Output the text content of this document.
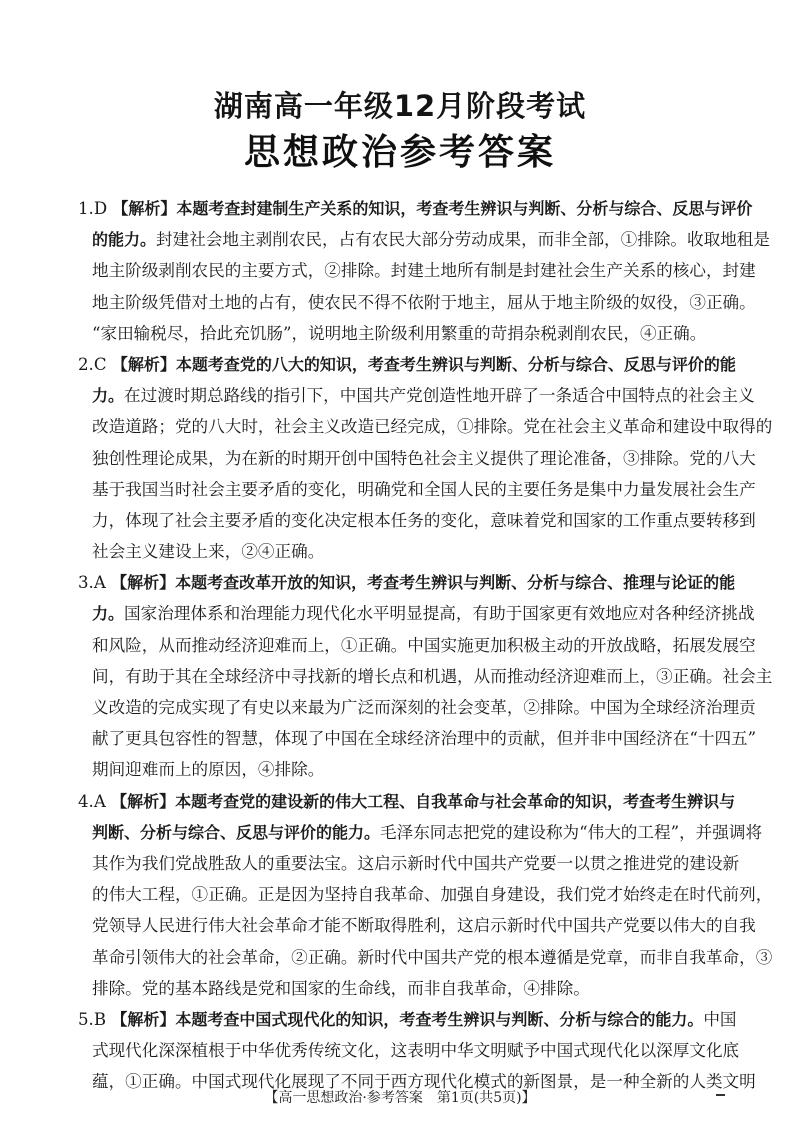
湖南高一年级12月阶段考试
思想政治参考答案
1.D 【解析】本题考查封建制生产关系的知识，考查考生辨识与判断、分析与综合、反思与评价
的能力。封建社会地主剥削农民，占有农民大部分劳动成果，而非全部，①排除。收取地租是
地主阶级剥削农民的主要方式，②排除。封建土地所有制是封建社会生产关系的核心，封建
地主阶级凭借对土地的占有，使农民不得不依附于地主，屈从于地主阶级的奴役，③正确。
“家田输税尽，拾此充饥肠”，说明地主阶级利用繁重的苛捐杂税剥削农民，④正确。
2.C 【解析】本题考查党的八大的知识，考查考生辨识与判断、分析与综合、反思与评价的能
力。在过渡时期总路线的指引下，中国共产党创造性地开辟了一条适合中国特点的社会主义
改造道路；党的八大时，社会主义改造已经完成，①排除。党在社会主义革命和建设中取得的
独创性理论成果，为在新的时期开创中国特色社会主义提供了理论准备，③排除。党的八大
基于我国当时社会主要矛盾的变化，明确党和全国人民的主要任务是集中力量发展社会生产
力，体现了社会主要矛盾的变化决定根本任务的变化，意味着党和国家的工作重点要转移到
社会主义建设上来，②④正确。
3.A 【解析】本题考查改革开放的知识，考查考生辨识与判断、分析与综合、推理与论证的能
力。国家治理体系和治理能力现代化水平明显提高，有助于国家更有效地应对各种经济挑战
和风险，从而推动经济迎难而上，①正确。中国实施更加积极主动的开放战略，拓展发展空
间，有助于其在全球经济中寻找新的增长点和机遇，从而推动经济迎难而上，③正确。社会主
义改造的完成实现了有史以来最为广泛而深刻的社会变革，②排除。中国为全球经济治理贡
献了更具包容性的智慧，体现了中国在全球经济治理中的贡献，但并非中国经济在“十四五”
期间迎难而上的原因，④排除。
4.A 【解析】本题考查党的建设新的伟大工程、自我革命与社会革命的知识，考查考生辨识与
判断、分析与综合、反思与评价的能力。毛泽东同志把党的建设称为“伟大的工程”，并强调将
其作为我们党战胜敌人的重要法宝。这启示新时代中国共产党要一以贯之推进党的建设新
的伟大工程，①正确。正是因为坚持自我革命、加强自身建设，我们党才始终走在时代前列，
党领导人民进行伟大社会革命才能不断取得胜利，这启示新时代中国共产党要以伟大的自我
革命引领伟大的社会革命，②正确。新时代中国共产党的根本遵循是党章，而非自我革命，③
排除。党的基本路线是党和国家的生命线，而非自我革命，④排除。
5.B 【解析】本题考查中国式现代化的知识，考查考生辨识与判断、分析与综合的能力。中国
式现代化深深植根于中华优秀传统文化，这表明中华文明赋予中国式现代化以深厚文化底
蕴，①正确。中国式现代化展现了不同于西方现代化模式的新图景，是一种全新的人类文明
【高一思想政治·参考答案　第1页(共5页)】
